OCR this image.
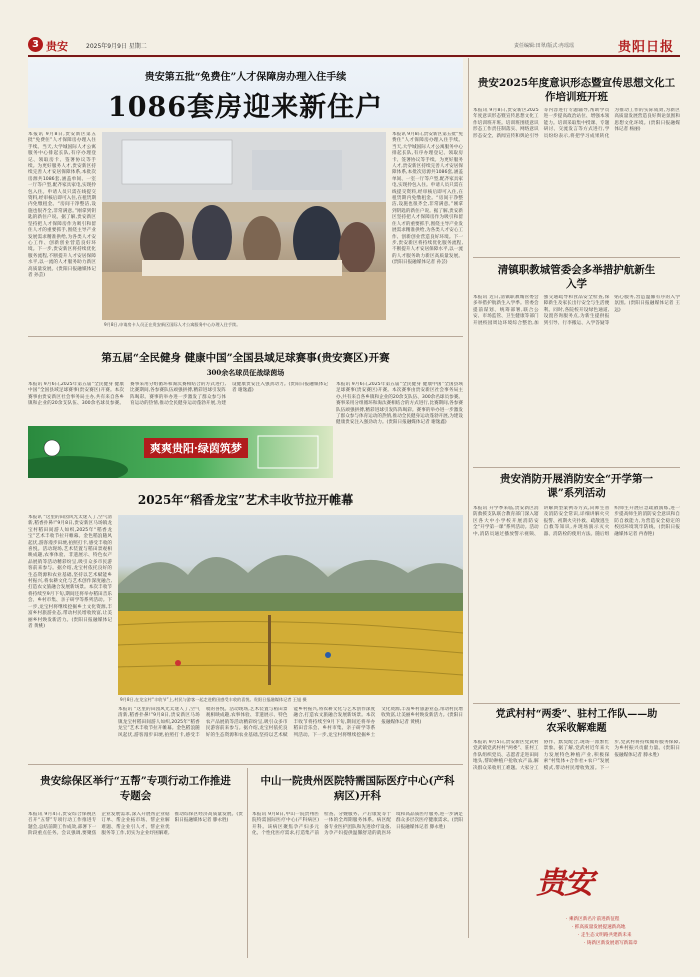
3 贵安	2025年9月9日 星期二	责任编辑:田翠/版式:冉瑶瑶	贵阳日报
贵安第五批“免费住”人才保障房办理入住手续
1086套房迎来新住户
本报讯 9月8日,贵安新区第五批“免费住”人才保障房办理入住手续。当天,大学城国际人才公寓服务中心排起长队,有序办理登记、领取房卡、签署协议等手续。为更好服务人才,贵安新区持续完善人才安居保障体系,本批次房源共1086套,涵盖单间、一室一厅等户型,配齐家具家电,实现拎包入住。申请人员只需在线提交资料,经审核后即可入住,在租赁期内免缴租金。“房间干净整洁,设施也很齐全,非常满意。”刚拿到钥匙的新住户说。据了解,贵安新区坚持把人才保障房作为吸引和留住人才的重要抓手,围绕主导产业发展需求精准供给,为各类人才安心工作、创新创业营造良好环境。下一步,贵安新区将持续优化服务流程,不断提升人才安居保障水平,以一流的人才服务助力新区高质量发展。(贵阳日报融媒体记者 孙芸)
9月8日,申请房卡人员正在贵安新区国际人才公寓服务中心办理入住手续。
本报讯 9月8日,贵安新区第五批“免费住”人才保障房办理入住手续。当天,大学城国际人才公寓服务中心排起长队,有序办理登记、领取房卡、签署协议等手续。为更好服务人才,贵安新区持续完善人才安居保障体系,本批次房源共1086套,涵盖单间、一室一厅等户型,配齐家具家电,实现拎包入住。申请人员只需在线提交资料,经审核后即可入住,在租赁期内免缴租金。“房间干净整洁,设施也很齐全,非常满意。”刚拿到钥匙的新住户说。据了解,贵安新区坚持把人才保障房作为吸引和留住人才的重要抓手,围绕主导产业发展需求精准供给,为各类人才安心工作、创新创业营造良好环境。下一步,贵安新区将持续优化服务流程,不断提升人才安居保障水平,以一流的人才服务助力新区高质量发展。(贵阳日报融媒体记者 孙芸)
贵安2025年度意识形态暨宣传思想文化工作培训班开班
本报讯 9月8日,贵安新区2025年度意识形态暨宣传思想文化工作培训班开班。培训班围绕意识形态工作责任制落实、网络意识形态安全、新闻宣传和舆论引导等内容进行专题辅导,帮助学员进一步提高政治站位、增强本领能力。培训采取集中授课、专题研讨、交流发言等方式进行,学员纷纷表示,将把学习成果转化为推动工作的实际成效,为新区高质量发展营造良好舆论氛围和思想文化环境。(贵阳日报融媒体记者 杨丽)
清镇职教城管委会多举措护航新生入学
本报讯 近日,清镇职教城管委会多举措护航新生入学季。管委会提前谋划、统筹部署,联合公安、市场监管、卫生健康等部门开展校园周边环境综合整治,加强交通疏导和食品安全检查,保障新生及家长出行安全与生活便利。同时,各院校开设绿色通道,设置咨询服务点,为新生提供报到引导、行李搬运、入学答疑等贴心服务,营造温馨有序的入学氛围。(贵阳日报融媒体记者 王远)
贵安消防开展消防安全“开学第一课”系列活动
本报讯 开学季来临,贵安新区消防救援支队联合教育部门深入辖区各大中小学校开展消防安全“开学第一课”系列活动。活动中,消防员通过播放警示视频、讲解典型案例等方式,向师生普及消防安全常识,详细讲解火灾报警、初期火灾扑救、疏散逃生自救等知识,并现场演示灭火器、消防栓的使用方法。随后组织师生开展应急疏散演练,进一步提高师生的消防安全意识和自防自救能力,为营造安全稳定的校园环境筑牢防线。(贵阳日报融媒体记者 冉春艳)
党武村村“两委”、驻村工作队——助农采收解难题
本报讯 9月5日,贵安新区党武村党武镇党武村村“两委”、驻村工作队组织党员、志愿者走进田间地头,帮助种植户抢收农产品,解决群众采收用工难题。大家分工协作、默契配合,现场一派繁忙景象。据了解,党武村近年来大力发展特色种植产业,积极探索“村集体+合作社+农户”发展模式,带动村民增收致富。下一步,党武村将持续做好服务保障,为乡村振兴贡献力量。(贵阳日报融媒体记者 滕永胜)
贵安
· 乘新区新名片前进新征程
· 抓高质量发展提速新高地
· 走生态文明路共建新未来
· 铸新区新发展谱写新篇章
第五届“全民健身 健康中国”全国县域足球赛事(贵安赛区)开赛
300余名球员征战绿茵场
本报讯 9月6日,2025年第五届“全民健身 健康中国”全国县域足球赛事(贵安赛区)开赛。本次赛事由贵安新区社会事务局主办,共有来自各乡镇和企业的20余支队伍、300余名球员参赛。赛事采用分组循环和淘汰赛相结合的方式进行,比赛期间,各参赛队伍顽强拼搏,精彩进球引发阵阵喝彩。赛事的举办进一步激发了群众参与体育运动的热情,推动全民健身运动蓬勃开展,为建设健康贵安注入强劲动力。(贵阳日报融媒体记者 谢逸鑫)
本报讯 9月6日,2025年第五届“全民健身 健康中国”全国县域足球赛事(贵安赛区)开赛。本次赛事由贵安新区社会事务局主办,共有来自各乡镇和企业的20余支队伍、300余名球员参赛。赛事采用分组循环和淘汰赛相结合的方式进行,比赛期间,各参赛队伍顽强拼搏,精彩进球引发阵阵喝彩。赛事的举办进一步激发了群众参与体育运动的热情,推动全民健身运动蓬勃开展,为建设健康贵安注入强劲动力。(贵阳日报融媒体记者 谢逸鑫)
爽爽贵阳·绿茵筑梦
2025年“稻香龙宝”艺术丰收节拉开帷幕
本报讯 “这里的田园风光太迷人了,空气清新,稻香扑鼻!”9月8日,贵安新区马场镇龙宝村稻田间游人如织,2025年“稻香龙宝”艺术丰收节拉开帷幕。金色稻浪随风起伏,游客漫步田埂,拍照打卡,感受丰收的喜悦。活动现场,艺术装置与稻田景观相映成趣,农事体验、非遗展示、特色农产品展销等活动精彩纷呈,吸引众多市民游客前来参与。据介绍,龙宝村依托良好的生态资源和农业基础,坚持以艺术赋能乡村振兴,将农耕文化与艺术创作深度融合,打造农文旅融合发展新场景。本次丰收节将持续至9月下旬,期间还将举办稻田音乐会、乡村市集、亲子研学等系列活动。下一步,龙宝村将继续挖掘乡土文化资源,丰富乡村旅游业态,带动村民增收致富,让美丽乡村焕发新活力。(贵阳日报融媒体记者 黄桃)
9月8日,在龙宝村“丰收节”上,村民与游客一起走进稻田感受丰收的喜悦。贵阳日报融媒体记者 王旭 摄
本报讯 “这里的田园风光太迷人了,空气清新,稻香扑鼻!”9月8日,贵安新区马场镇龙宝村稻田间游人如织,2025年“稻香龙宝”艺术丰收节拉开帷幕。金色稻浪随风起伏,游客漫步田埂,拍照打卡,感受丰收的喜悦。活动现场,艺术装置与稻田景观相映成趣,农事体验、非遗展示、特色农产品展销等活动精彩纷呈,吸引众多市民游客前来参与。据介绍,龙宝村依托良好的生态资源和农业基础,坚持以艺术赋能乡村振兴,将农耕文化与艺术创作深度融合,打造农文旅融合发展新场景。本次丰收节将持续至9月下旬,期间还将举办稻田音乐会、乡村市集、亲子研学等系列活动。下一步,龙宝村将继续挖掘乡土文化资源,丰富乡村旅游业态,带动村民增收致富,让美丽乡村焕发新活力。(贵阳日报融媒体记者 黄桃)
贵安综保区举行“五帮”专项行动工作推进专题会
本报讯 9月4日,贵安综合保税区召开“五帮”专项行动工作推进专题会,总结前期工作成效,部署下一阶段重点任务。会议强调,要聚焦企业发展需求,深入开展帮企业稳订单、帮企业拓市场、帮企业解难题、帮企业引人才、帮企业优服务等工作,切实为企业纾困解难,推动综保区经济高质量发展。(贵阳日报融媒体记者 滕永胜)
中山一院贵州医院特需国际医疗中心(产科病区)开科
本报讯 9月8日,中山一院贵州医院特需国际医疗中心(产科病区)开科。该病区聚焦孕产妇多元化、个性化医疗需求,打造集产前检查、分娩服务、产后康复等于一体的全周期服务体系。病区配备专业医护团队和先进诊疗设备,为孕产妇提供温馨舒适的就医环境和高品质医疗服务,进一步满足群众多层次医疗健康需求。(贵阳日报融媒体记者 滕永胜)
